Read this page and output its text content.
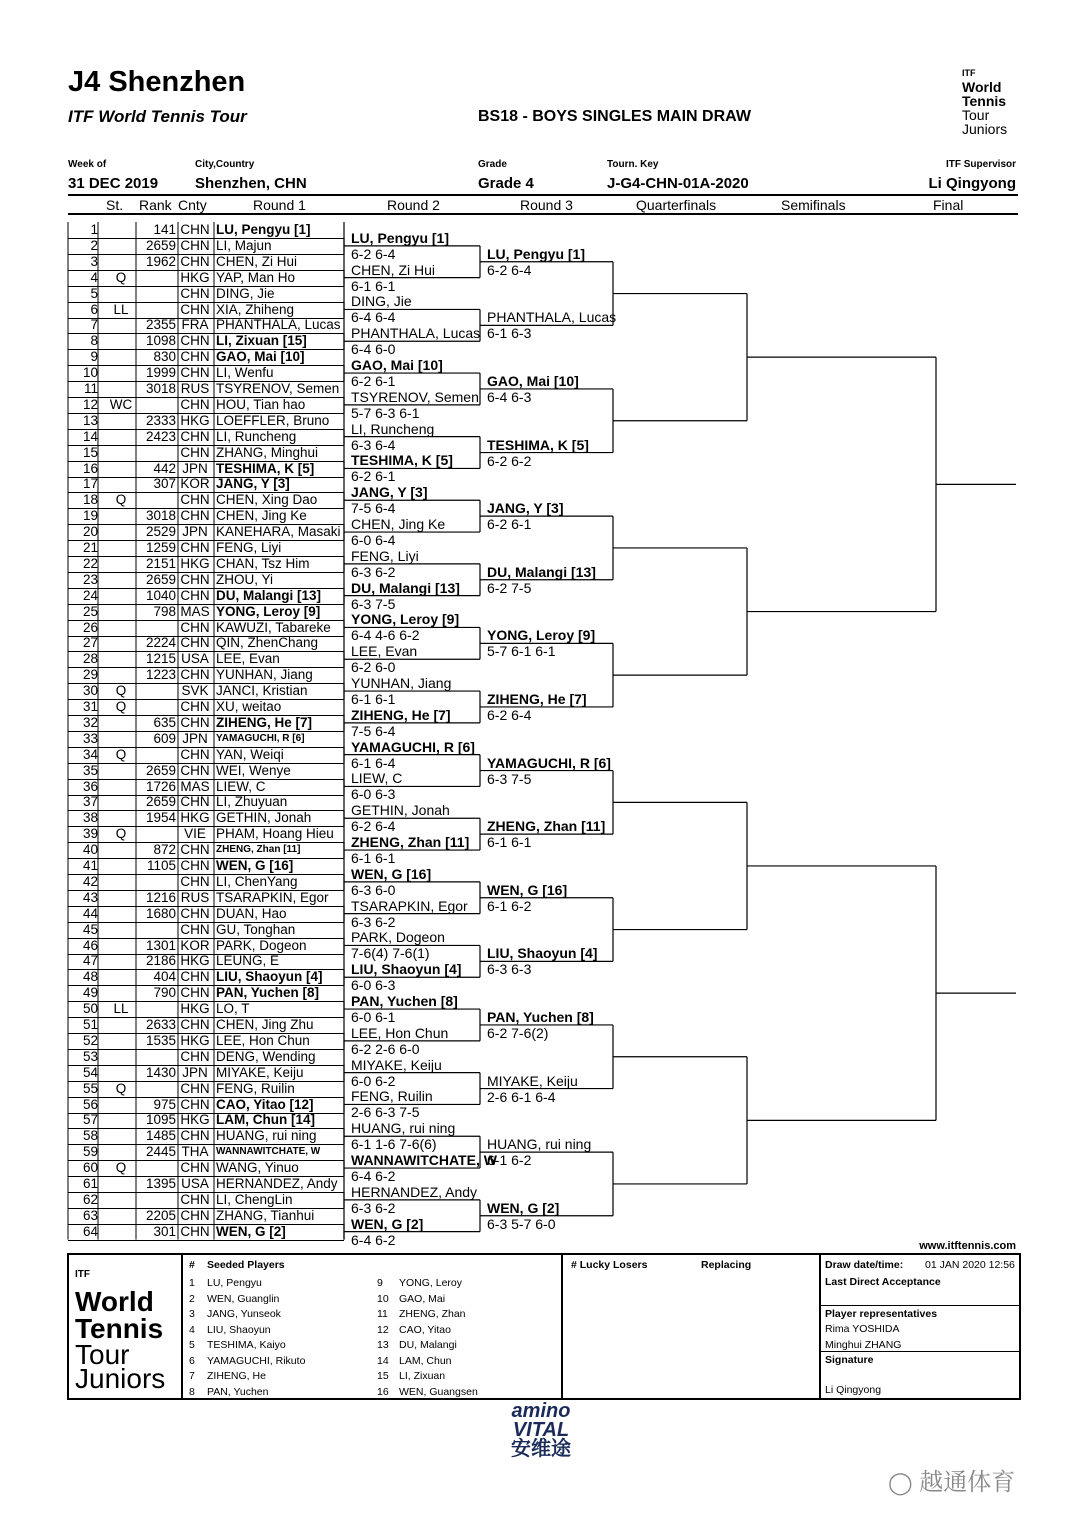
J4 Shenzhen
ITF World Tennis Tour	BS18 - BOYS SINGLES MAIN DRAW
ITF
World
Tennis
Tour
Juniors
Week of
31 DEC 2019
City,Country
Shenzhen, CHN
Grade
Grade 4
Tourn. Key
J-G4-CHN-01A-2020
ITF Supervisor
Li Qingyong
St. Rank Cnty	Round 1	Round 2	Round 3	Quarterfinals	Semifinals	Final
1	141 CHN LU, Pengyu [1]
2	2659 CHN LI, Majun
3	1962 CHN CHEN, Zi Hui
4	Q	HKG YAP, Man Ho
5	CHN DING, Jie
6	LL	CHN XIA, Zhiheng
7	2355 FRA PHANTHALA, Lucas
8	1098 CHN LI, Zixuan [15]
9	830 CHN GAO, Mai [10]
10	1999 CHN LI, Wenfu
11	3018 RUS TSYRENOV, Semen
12 WC	CHN HOU, Tian hao
13	2333 HKG LOEFFLER, Bruno
14	2423 CHN LI, Runcheng
15	CHN ZHANG, Minghui
16	442 JPN TESHIMA, K [5]
17	307 KOR JANG, Y [3]
18	Q	CHN CHEN, Xing Dao
19	3018 CHN CHEN, Jing Ke
20	2529 JPN KANEHARA, Masaki
21	1259 CHN FENG, Liyi
22	2151 HKG CHAN, Tsz Him
23	2659 CHN ZHOU, Yi
24	1040 CHN DU, Malangi [13]
25	798 MAS YONG, Leroy [9]
26	CHN KAWUZI, Tabareke
27	2224 CHN QIN, ZhenChang
28	1215 USA LEE, Evan
29	1223 CHN YUNHAN, Jiang
30	Q	SVK JANCI, Kristian
31	Q	CHN XU, weitao
32	635 CHN ZIHENG, He [7]
33	609 JPN YAMAGUCHI, R [6]
34	Q	CHN YAN, Weiqi
35	2659 CHN WEI, Wenye
36	1726 MAS LIEW, C
37	2659 CHN LI, Zhuyuan
38	1954 HKG GETHIN, Jonah
39	Q	VIE PHAM, Hoang Hieu
40	872 CHN ZHENG, Zhan [11]
41	1105 CHN WEN, G [16]
42	CHN LI, ChenYang
43	1216 RUS TSARAPKIN, Egor
44	1680 CHN DUAN, Hao
45	CHN GU, Tonghan
46	1301 KOR PARK, Dogeon
47	2186 HKG LEUNG, E
48	404 CHN LIU, Shaoyun [4]
49	790 CHN PAN, Yuchen [8]
50	LL	HKG LO, T
51	2633 CHN CHEN, Jing Zhu
52	1535 HKG LEE, Hon Chun
53	CHN DENG, Wending
54	1430 JPN MIYAKE, Keiju
55	Q	CHN FENG, Ruilin
56	975 CHN CAO, Yitao [12]
57	1095 HKG LAM, Chun [14]
58	1485 CHN HUANG, rui ning
59	2445 THA WANNAWITCHATE, W
60	Q	CHN WANG, Yinuo
61	1395 USA HERNANDEZ, Andy
62	CHN LI, ChengLin
63	2205 CHN ZHANG, Tianhui
64	301 CHN WEN, G [2]
LU, Pengyu [1]
6-2 6-4
CHEN, Zi Hui
6-1 6-1
DING, Jie
6-4 6-4
PHANTHALA, Lucas
6-4 6-0
GAO, Mai [10]
6-2 6-1
TSYRENOV, Semen
5-7 6-3 6-1
LI, Runcheng
6-3 6-4
TESHIMA, K [5]
6-2 6-1
JANG, Y [3]
7-5 6-4
CHEN, Jing Ke
6-0 6-4
FENG, Liyi
6-3 6-2
DU, Malangi [13]
6-3 7-5
YONG, Leroy [9]
6-4 4-6 6-2
LEE, Evan
6-2 6-0
YUNHAN, Jiang
6-1 6-1
ZIHENG, He [7]
7-5 6-4
YAMAGUCHI, R [6]
6-1 6-4
LIEW, C
6-0 6-3
GETHIN, Jonah
6-2 6-4
ZHENG, Zhan [11]
6-1 6-1
WEN, G [16]
6-3 6-0
TSARAPKIN, Egor
6-3 6-2
PARK, Dogeon
7-6(4) 7-6(1)
LIU, Shaoyun [4]
6-0 6-3
PAN, Yuchen [8]
6-0 6-1
LEE, Hon Chun
6-2 2-6 6-0
MIYAKE, Keiju
6-0 6-2
FENG, Ruilin
2-6 6-3 7-5
HUANG, rui ning
6-1 1-6 7-6(6)
WANNAWITCHATE, W
6-4 6-2
HERNANDEZ, Andy
6-3 6-2
WEN, G [2]
6-4 6-2
LU, Pengyu [1]
6-2 6-4
PHANTHALA, Lucas
6-1 6-3
GAO, Mai [10]
6-4 6-3
TESHIMA, K [5]
6-2 6-2
JANG, Y [3]
6-2 6-1
DU, Malangi [13]
6-2 7-5
YONG, Leroy [9]
5-7 6-1 6-1
ZIHENG, He [7]
6-2 6-4
YAMAGUCHI, R [6]
6-3 7-5
ZHENG, Zhan [11]
6-1 6-1
WEN, G [16]
6-1 6-2
LIU, Shaoyun [4]
6-3 6-3
PAN, Yuchen [8]
6-2 7-6(2)
MIYAKE, Keiju
2-6 6-1 6-4
HUANG, rui ning
6-1 6-2
WEN, G [2]
6-3 5-7 6-0
www.itftennis.com
ITF
World
Tennis
Tour
Juniors
# Seeded Players
1 LU, Pengyu
2 WEN, Guanglin
3 JANG, Yunseok
4 LIU, Shaoyun
5 TESHIMA, Kaiyo
6 YAMAGUCHI, Rikuto
7 ZIHENG, He
8 PAN, Yuchen
9 YONG, Leroy
10 GAO, Mai
11 ZHENG, Zhan
12 CAO, Yitao
13 DU, Malangi
14 LAM, Chun
15 LI, Zixuan
16 WEN, Guangsen
# Lucky Losers	Replacing	Draw date/time: 01 JAN 2020 12:56
Last Direct Acceptance
Player representatives
Rima YOSHIDA
Minghui ZHANG
Signature
Li Qingyong
amino
VITAL
安维途
◯ 越通体育
